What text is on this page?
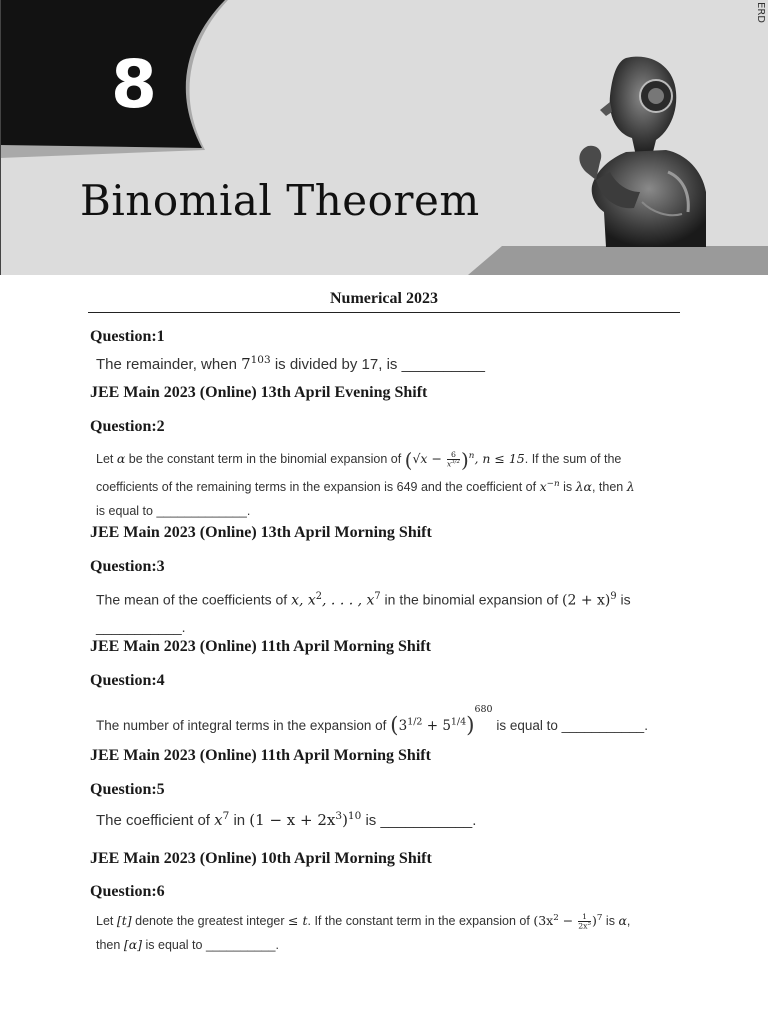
8
Binomial Theorem
ERD
Numerical 2023
Question:1
The remainder, when $7^{103}$ is divided by 17, is __________
JEE Main 2023 (Online) 13th April Evening Shift
Question:2
Let α be the constant term in the binomial expansion of $(√x - \frac{6}{x^{3/2}} )^n$, n ≤ 15. If the sum of the
coefficients of the remaining terms in the expansion is 649 and the coefficient of $x^{-n}$ is λα, then λ
is equal to _____________.
JEE Main 2023 (Online) 13th April Morning Shift
Question:3
The mean of the coefficients of x, $x^2$, . . . , $x^7$ in the binomial expansion of $(2 + x)^9$ is
___________.
JEE Main 2023 (Online) 11th April Morning Shift
Question:4
The number of integral terms in the expansion of $(3^{1/2} + 5^{1/4})^{680}$ is equal to ___________.
JEE Main 2023 (Online) 11th April Morning Shift
Question:5
The coefficient of $x^7$ in $(1 - x + 2x^3)^{10}$ is ___________.
JEE Main 2023 (Online) 10th April Morning Shift
Question:6
Let [t] denote the greatest integer ≤ t. If the constant term in the expansion of $(3x^2 - \frac{1}{2x^5} )^7$ is α,
then [α] is equal to __________.
